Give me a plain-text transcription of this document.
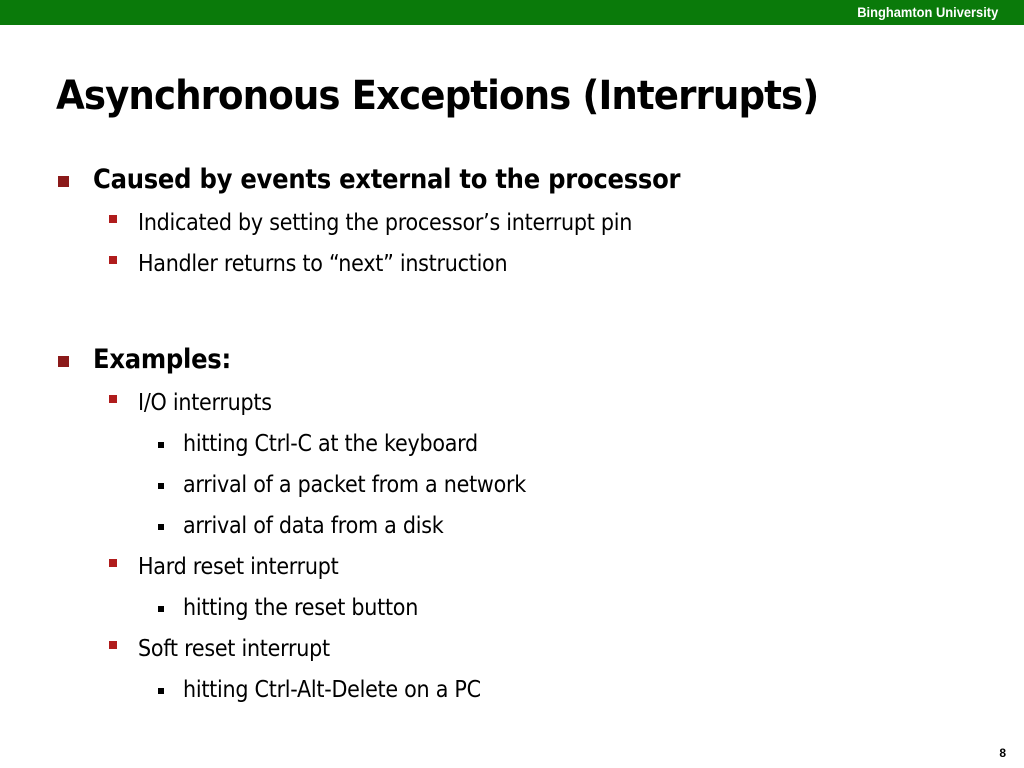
Binghamton University
Asynchronous Exceptions (Interrupts)
Caused by events external to the processor
Indicated by setting the processor’s interrupt pin
Handler returns to “next” instruction
Examples:
I/O interrupts
hitting Ctrl-C at the keyboard
arrival of a packet from a network
arrival of data from a disk
Hard reset interrupt
hitting the reset button
Soft reset interrupt
hitting Ctrl-Alt-Delete on a PC
8
